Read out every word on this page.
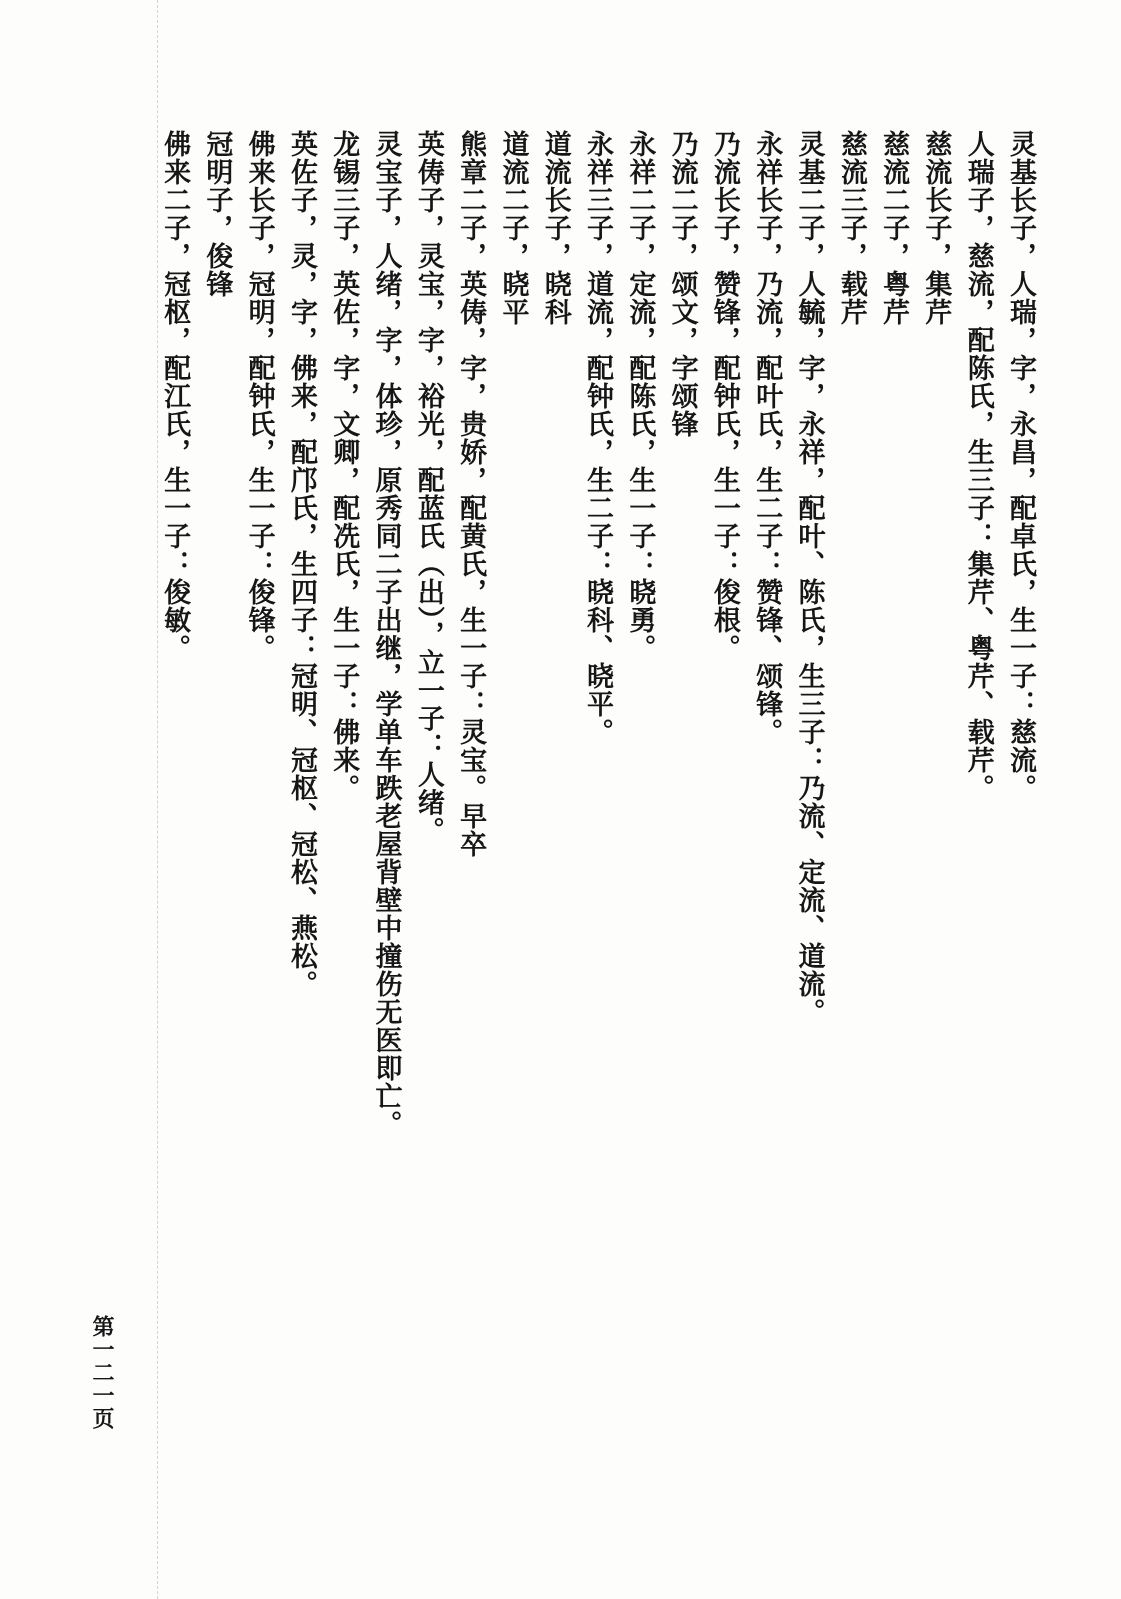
灵基长子，人瑞，字，永昌，配卓氏，生一子：慈流。
人瑞子，慈流，配陈氏，生三子：集芹、粤芹、载芹。
慈流长子，集芹
慈流二子，粤芹
慈流三子，载芹
灵基二子，人毓，字，永祥，配叶、陈氏，生三子：乃流、定流、道流。
永祥长子，乃流，配叶氏，生二子：赞锋、颂锋。
乃流长子，赞锋，配钟氏，生一子：俊根。
乃流二子，颂文，字颂锋
永祥二子，定流，配陈氏，生一子：晓勇。
永祥三子，道流，配钟氏，生二子：晓科、晓平。
道流长子，晓科
道流二子，晓平
熊章二子，英俦，字，贵娇，配黄氏，生一子：灵宝。早卒
英俦子，灵宝，字，裕光，配蓝氏（出），立一子：人绪。
灵宝子，人绪，字，体珍，原秀同二子出继，学单车跌老屋背壁中撞伤无医即亡。
龙锡三子，英佐，字，文卿，配冼氏，生一子：佛来。
英佐子，灵，字，佛来，配邝氏，生四子：冠明、冠枢、冠松、燕松。
佛来长子，冠明，配钟氏，生一子：俊锋。
冠明子，俊锋
佛来二子，冠枢，配江氏，生一子：俊敏。
第一二一页
